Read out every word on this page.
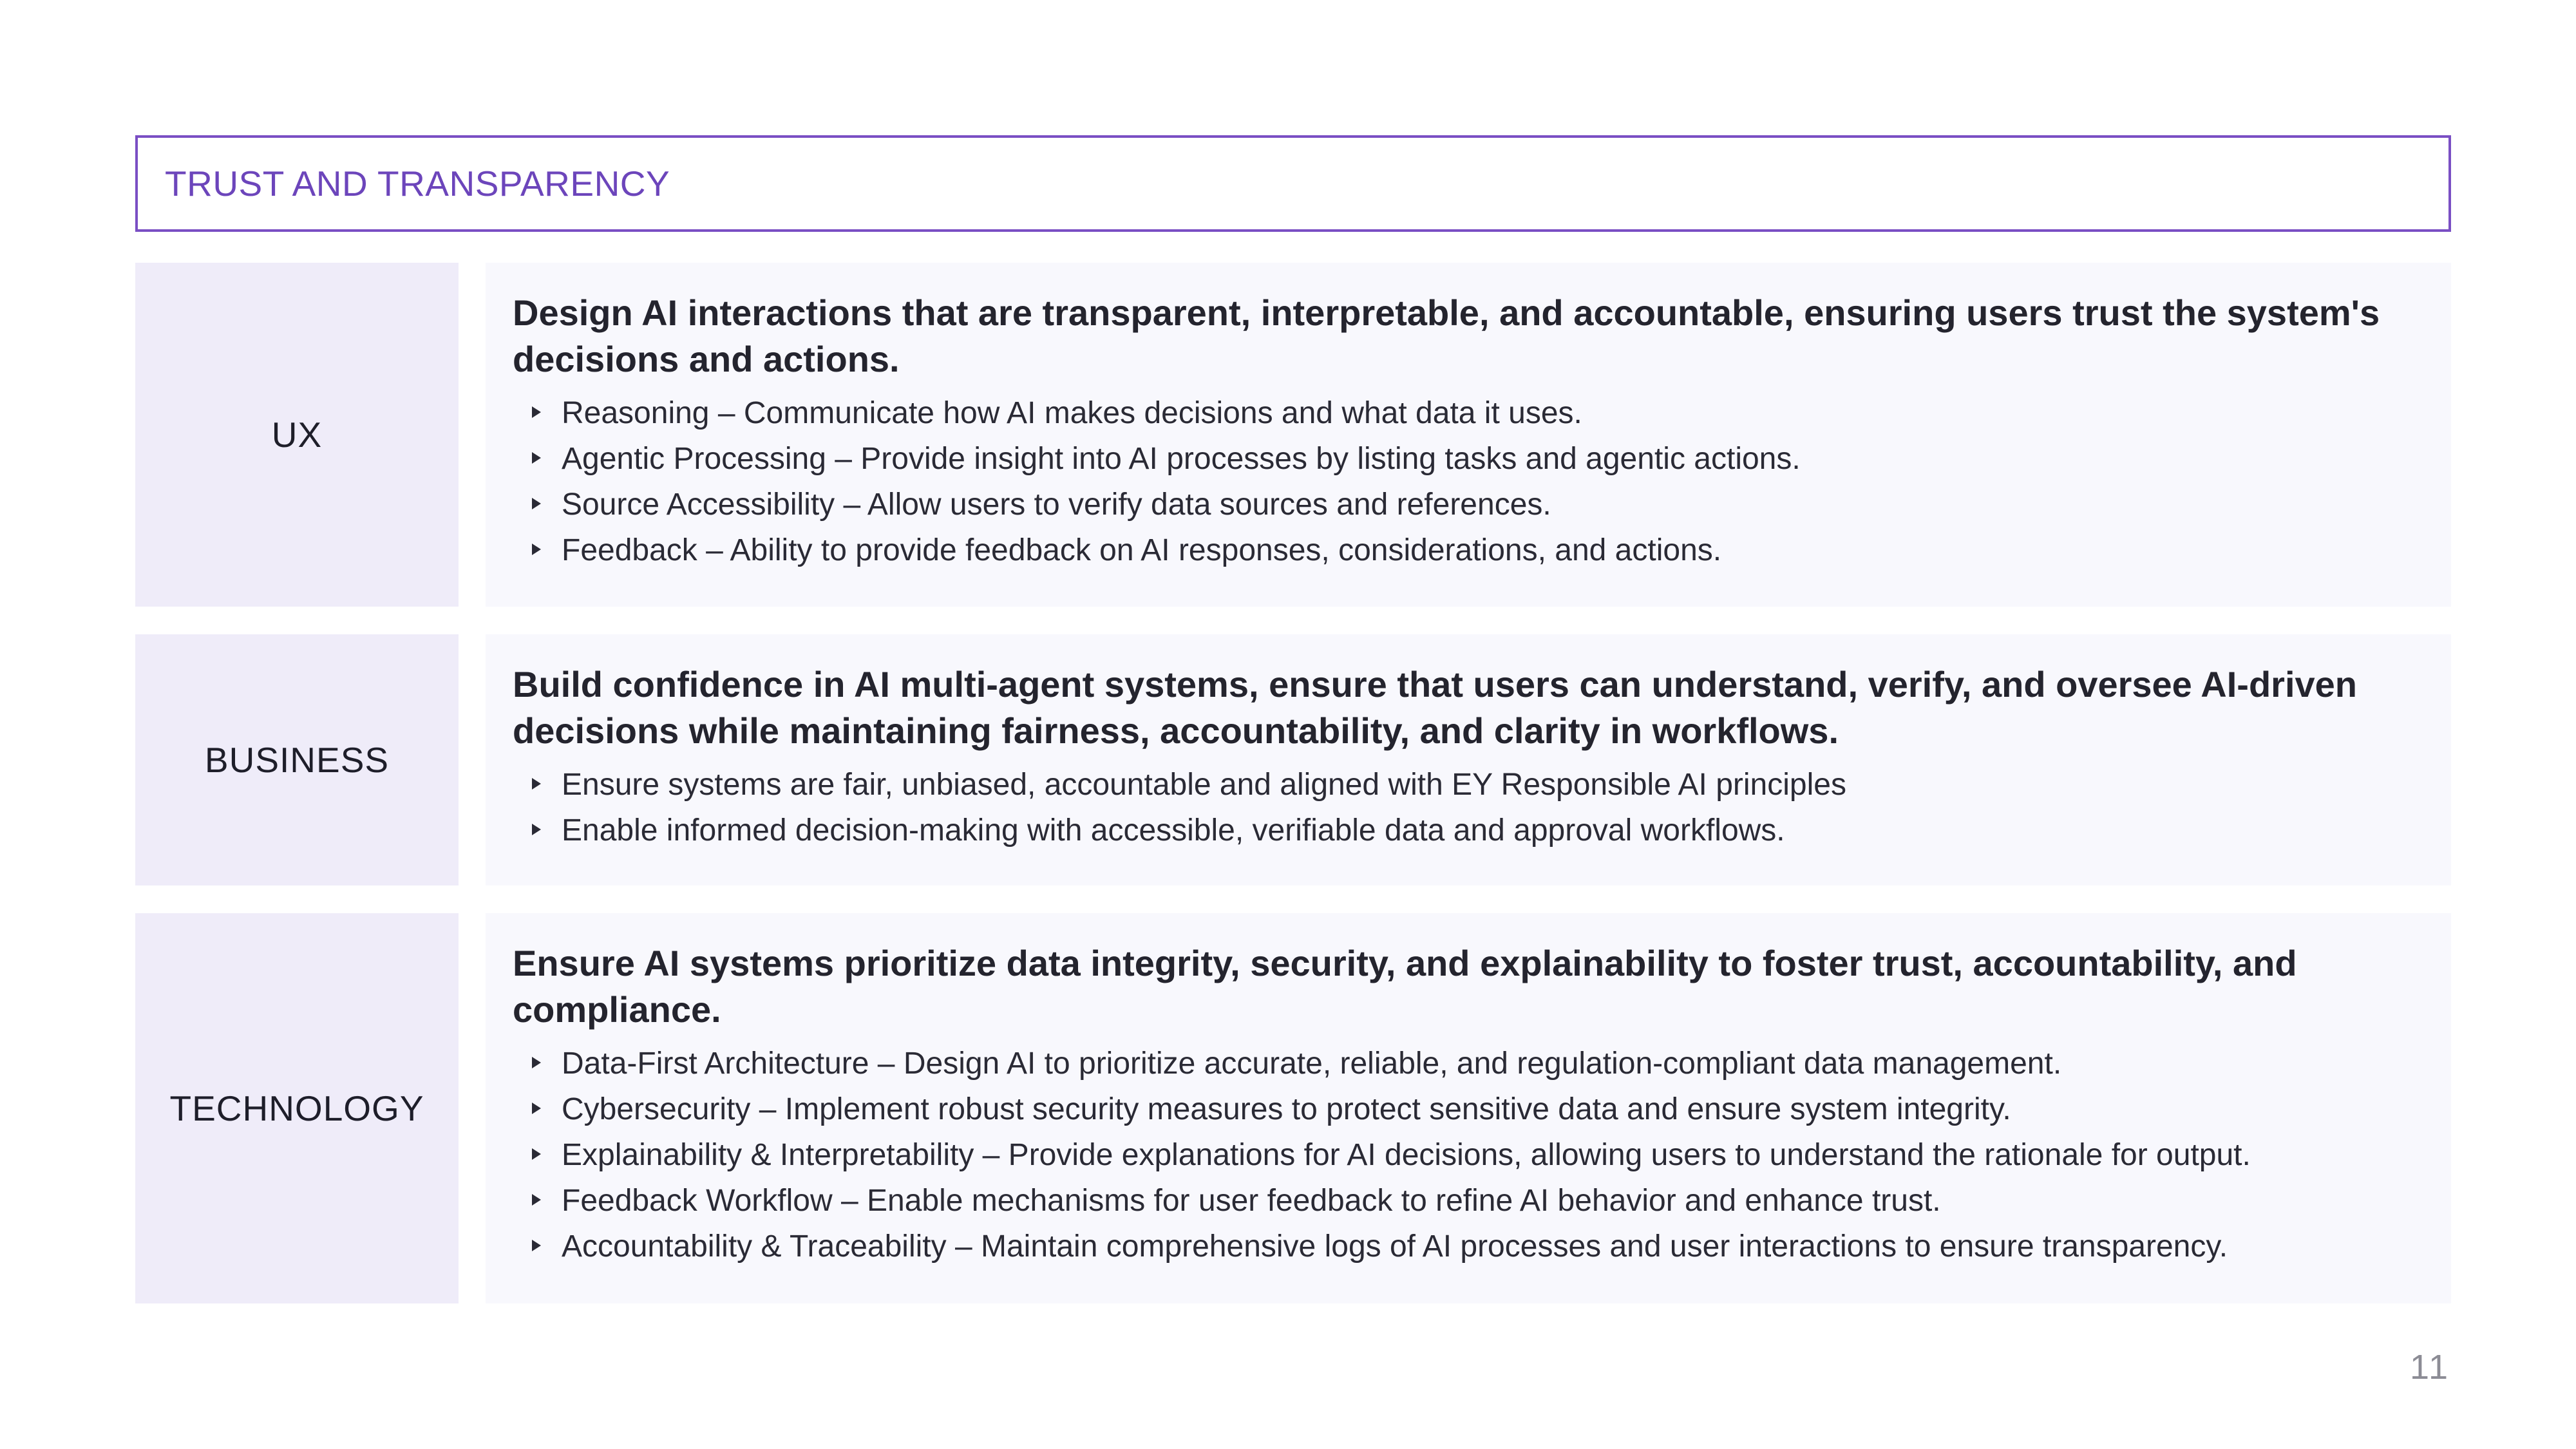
TRUST AND TRANSPARENCY
UX
Design AI interactions that are transparent, interpretable, and accountable, ensuring users trust the system's decisions and actions.
Reasoning – Communicate how AI makes decisions and what data it uses.
Agentic Processing – Provide insight into AI processes by listing tasks and agentic actions.
Source Accessibility – Allow users to verify data sources and references.
Feedback – Ability to provide feedback on AI responses, considerations, and actions.
BUSINESS
Build confidence in AI multi-agent systems, ensure that users can understand, verify, and oversee AI-driven decisions while maintaining fairness, accountability, and clarity in workflows.
Ensure systems are fair, unbiased, accountable and aligned with EY Responsible AI principles
Enable informed decision-making with accessible, verifiable data and approval workflows.
TECHNOLOGY
Ensure AI systems prioritize data integrity, security, and explainability to foster trust, accountability, and compliance.
Data-First Architecture – Design AI to prioritize accurate, reliable, and regulation-compliant data management.
Cybersecurity – Implement robust security measures to protect sensitive data and ensure system integrity.
Explainability & Interpretability – Provide explanations for AI decisions, allowing users to understand the rationale for output.
Feedback Workflow – Enable mechanisms for user feedback to refine AI behavior and enhance trust.
Accountability & Traceability – Maintain comprehensive logs of AI processes and user interactions to ensure transparency.
11
